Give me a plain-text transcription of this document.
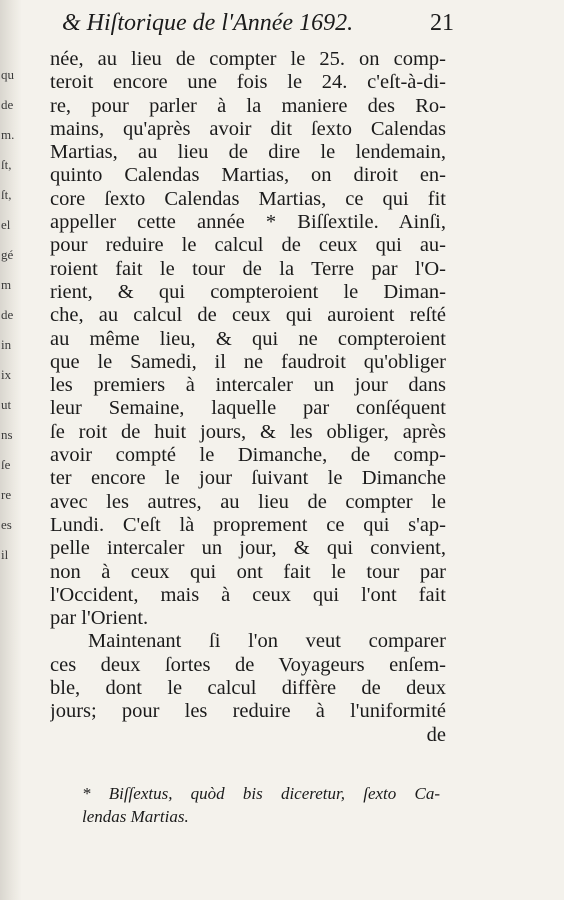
qu
de
m.
ſt,
ſt,
el
gé
m
de
in
ix
ut
ns
ſe
re
es
il
& Hiſtorique de l'Année 1692.	21
née, au lieu de compter le 25. on comp-
teroit encore une fois le 24. c'eſt-à-di-
re, pour parler à la maniere des Ro-
mains, qu'après avoir dit ſexto Calendas
Martias, au lieu de dire le lendemain,
quinto Calendas Martias, on diroit en-
core ſexto Calendas Martias, ce qui fit
appeller cette année * Biſſextile. Ainſi,
pour reduire le calcul de ceux qui au-
roient fait le tour de la Terre par l'O-
rient, & qui compteroient le Diman-
che, au calcul de ceux qui auroient reſté
au même lieu, & qui ne compteroient
que le Samedi, il ne faudroit qu'obliger
les premiers à intercaler un jour dans
leur Semaine, laquelle par conſéquent
ſe roit de huit jours, & les obliger, après
avoir compté le Dimanche, de comp-
ter encore le jour ſuivant le Dimanche
avec les autres, au lieu de compter le
Lundi. C'eſt là proprement ce qui s'ap-
pelle intercaler un jour, & qui convient,
non à ceux qui ont fait le tour par
l'Occident, mais à ceux qui l'ont fait
par l'Orient.
Maintenant ſi l'on veut comparer
ces deux ſortes de Voyageurs enſem-
ble, dont le calcul diffère de deux
jours; pour les reduire à l'uniformité
de
* Biſſextus, quòd bis diceretur, ſexto Ca-
lendas Martias.
